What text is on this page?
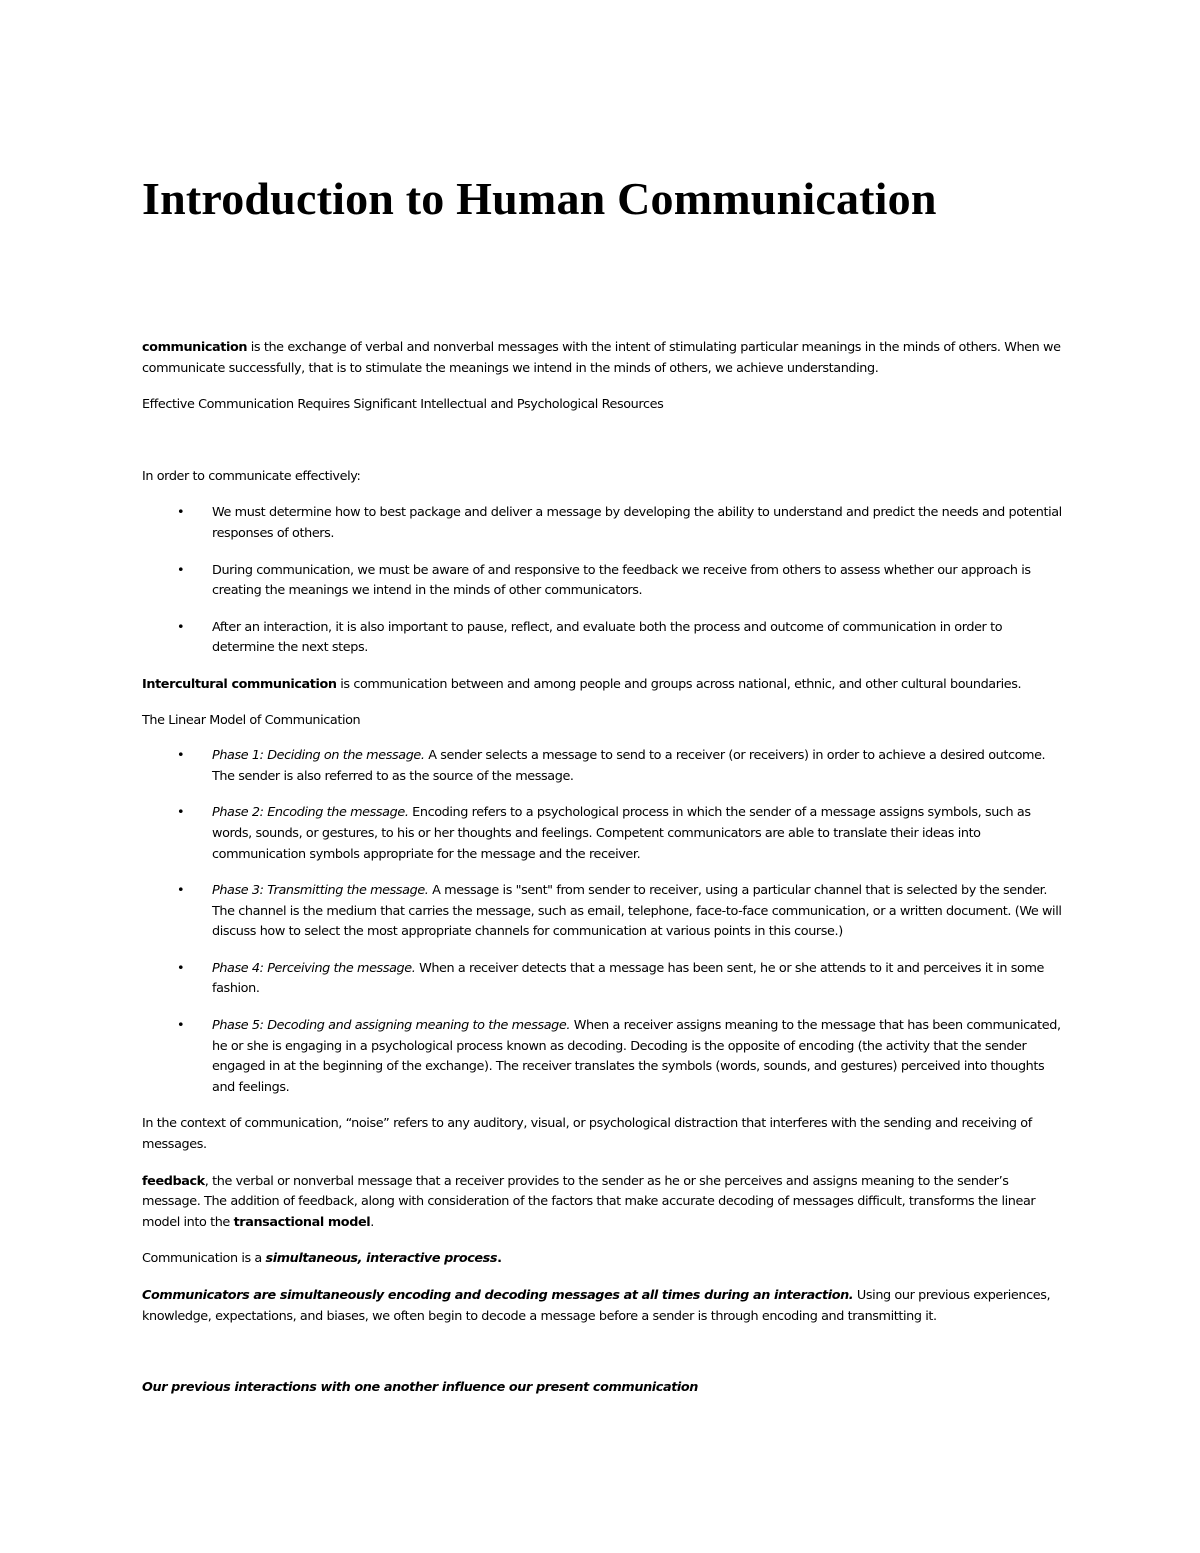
Introduction to Human Communication

communication is the exchange of verbal and nonverbal messages with the intent of stimulating particular meanings in the minds of others. When we communicate successfully, that is to stimulate the meanings we intend in the minds of others, we achieve understanding.

Effective Communication Requires Significant Intellectual and Psychological Resources

In order to communicate effectively:

• We must determine how to best package and deliver a message by developing the ability to understand and predict the needs and potential responses of others.
• During communication, we must be aware of and responsive to the feedback we receive from others to assess whether our approach is creating the meanings we intend in the minds of other communicators.
• After an interaction, it is also important to pause, reflect, and evaluate both the process and outcome of communication in order to determine the next steps.

Intercultural communication is communication between and among people and groups across national, ethnic, and other cultural boundaries.

The Linear Model of Communication

• Phase 1: Deciding on the message. A sender selects a message to send to a receiver (or receivers) in order to achieve a desired outcome. The sender is also referred to as the source of the message.
• Phase 2: Encoding the message. Encoding refers to a psychological process in which the sender of a message assigns symbols, such as words, sounds, or gestures, to his or her thoughts and feelings. Competent communicators are able to translate their ideas into communication symbols appropriate for the message and the receiver.
• Phase 3: Transmitting the message. A message is "sent" from sender to receiver, using a particular channel that is selected by the sender. The channel is the medium that carries the message, such as email, telephone, face-to-face communication, or a written document. (We will discuss how to select the most appropriate channels for communication at various points in this course.)
• Phase 4: Perceiving the message. When a receiver detects that a message has been sent, he or she attends to it and perceives it in some fashion.
• Phase 5: Decoding and assigning meaning to the message. When a receiver assigns meaning to the message that has been communicated, he or she is engaging in a psychological process known as decoding. Decoding is the opposite of encoding (the activity that the sender engaged in at the beginning of the exchange). The receiver translates the symbols (words, sounds, and gestures) perceived into thoughts and feelings.

In the context of communication, “noise” refers to any auditory, visual, or psychological distraction that interferes with the sending and receiving of messages.

feedback, the verbal or nonverbal message that a receiver provides to the sender as he or she perceives and assigns meaning to the sender’s message. The addition of feedback, along with consideration of the factors that make accurate decoding of messages difficult, transforms the linear model into the transactional model.

Communication is a simultaneous, interactive process.

Communicators are simultaneously encoding and decoding messages at all times during an interaction. Using our previous experiences, knowledge, expectations, and biases, we often begin to decode a message before a sender is through encoding and transmitting it.

Our previous interactions with one another influence our present communication
